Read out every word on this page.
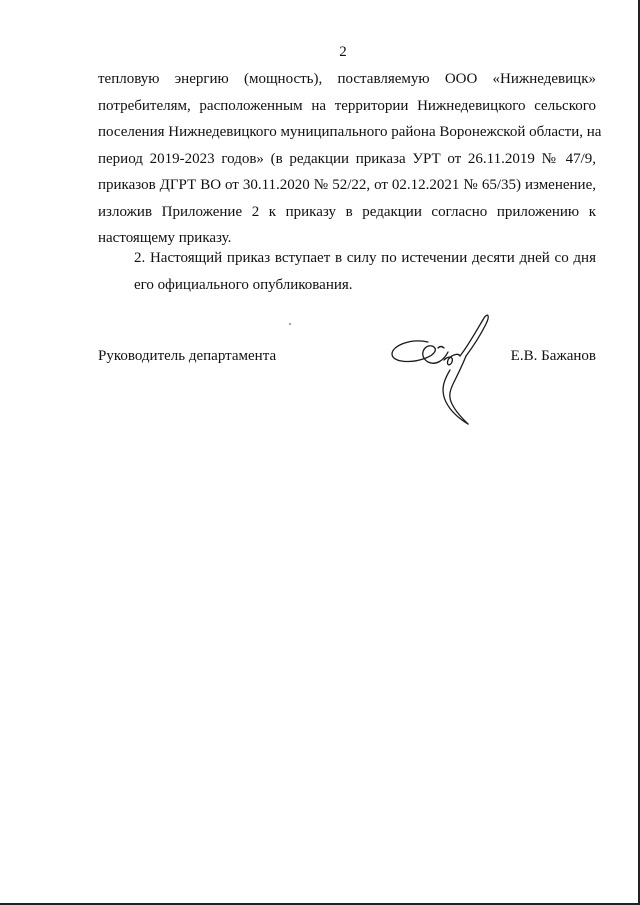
2
тепловую энергию (мощность), поставляемую ООО «Нижнедевицк»
потребителям, расположенным на территории Нижнедевицкого сельского
поселения Нижнедевицкого муниципального района Воронежской области, на
период 2019-2023 годов» (в редакции приказа УРТ от 26.11.2019 № 47/9,
приказов ДГРТ ВО от 30.11.2020 № 52/22, от 02.12.2021 № 65/35) изменение,
изложив Приложение 2 к приказу в редакции согласно приложению к
настоящему приказу.
2. Настоящий приказ вступает в силу по истечении десяти дней со дня
его официального опубликования.
Руководитель департамента	Е.В. Бажанов
